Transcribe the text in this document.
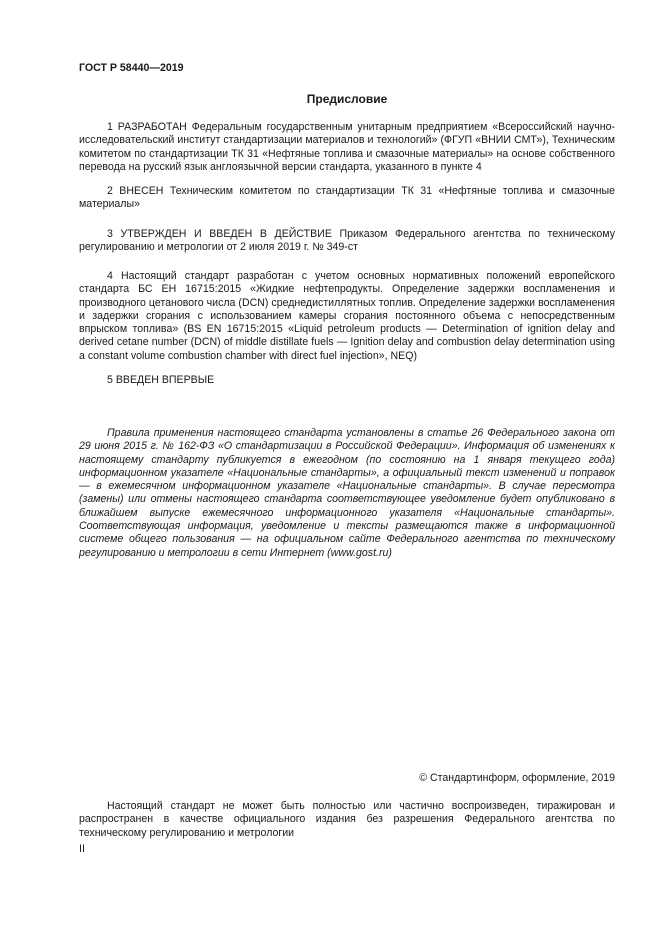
ГОСТ Р 58440—2019
Предисловие
1 РАЗРАБОТАН Федеральным государственным унитарным предприятием «Всероссийский научно-исследовательский институт стандартизации материалов и технологий» (ФГУП «ВНИИ СМТ»), Техническим комитетом по стандартизации ТК 31 «Нефтяные топлива и смазочные материалы» на основе собственного перевода на русский язык англоязычной версии стандарта, указанного в пункте 4
2 ВНЕСЕН Техническим комитетом по стандартизации ТК 31 «Нефтяные топлива и смазочные материалы»
3 УТВЕРЖДЕН И ВВЕДЕН В ДЕЙСТВИЕ Приказом Федерального агентства по техническому регулированию и метрологии от 2 июля 2019 г. № 349-ст
4 Настоящий стандарт разработан с учетом основных нормативных положений европейского стандарта БС ЕН 16715:2015 «Жидкие нефтепродукты. Определение задержки воспламенения и производного цетанового числа (DCN) среднедистиллятных топлив. Определение задержки воспламенения и задержки сгорания с использованием камеры сгорания постоянного объема с непосредственным впрыском топлива» (BS EN 16715:2015 «Liquid petroleum products — Determination of ignition delay and derived cetane number (DCN) of middle distillate fuels — Ignition delay and combustion delay determination using a constant volume combustion chamber with direct fuel injection», NEQ)
5 ВВЕДЕН ВПЕРВЫЕ
Правила применения настоящего стандарта установлены в статье 26 Федерального закона от 29 июня 2015 г. № 162-ФЗ «О стандартизации в Российской Федерации». Информация об изменениях к настоящему стандарту публикуется в ежегодном (по состоянию на 1 января текущего года) информационном указателе «Национальные стандарты», а официальный текст изменений и поправок — в ежемесячном информационном указателе «Национальные стандарты». В случае пересмотра (замены) или отмены настоящего стандарта соответствующее уведомление будет опубликовано в ближайшем выпуске ежемесячного информационного указателя «Национальные стандарты». Соответствующая информация, уведомление и тексты размещаются также в информационной системе общего пользования — на официальном сайте Федерального агентства по техническому регулированию и метрологии в сети Интернет (www.gost.ru)
© Стандартинформ, оформление, 2019
Настоящий стандарт не может быть полностью или частично воспроизведен, тиражирован и распространен в качестве официального издания без разрешения Федерального агентства по техническому регулированию и метрологии
II
